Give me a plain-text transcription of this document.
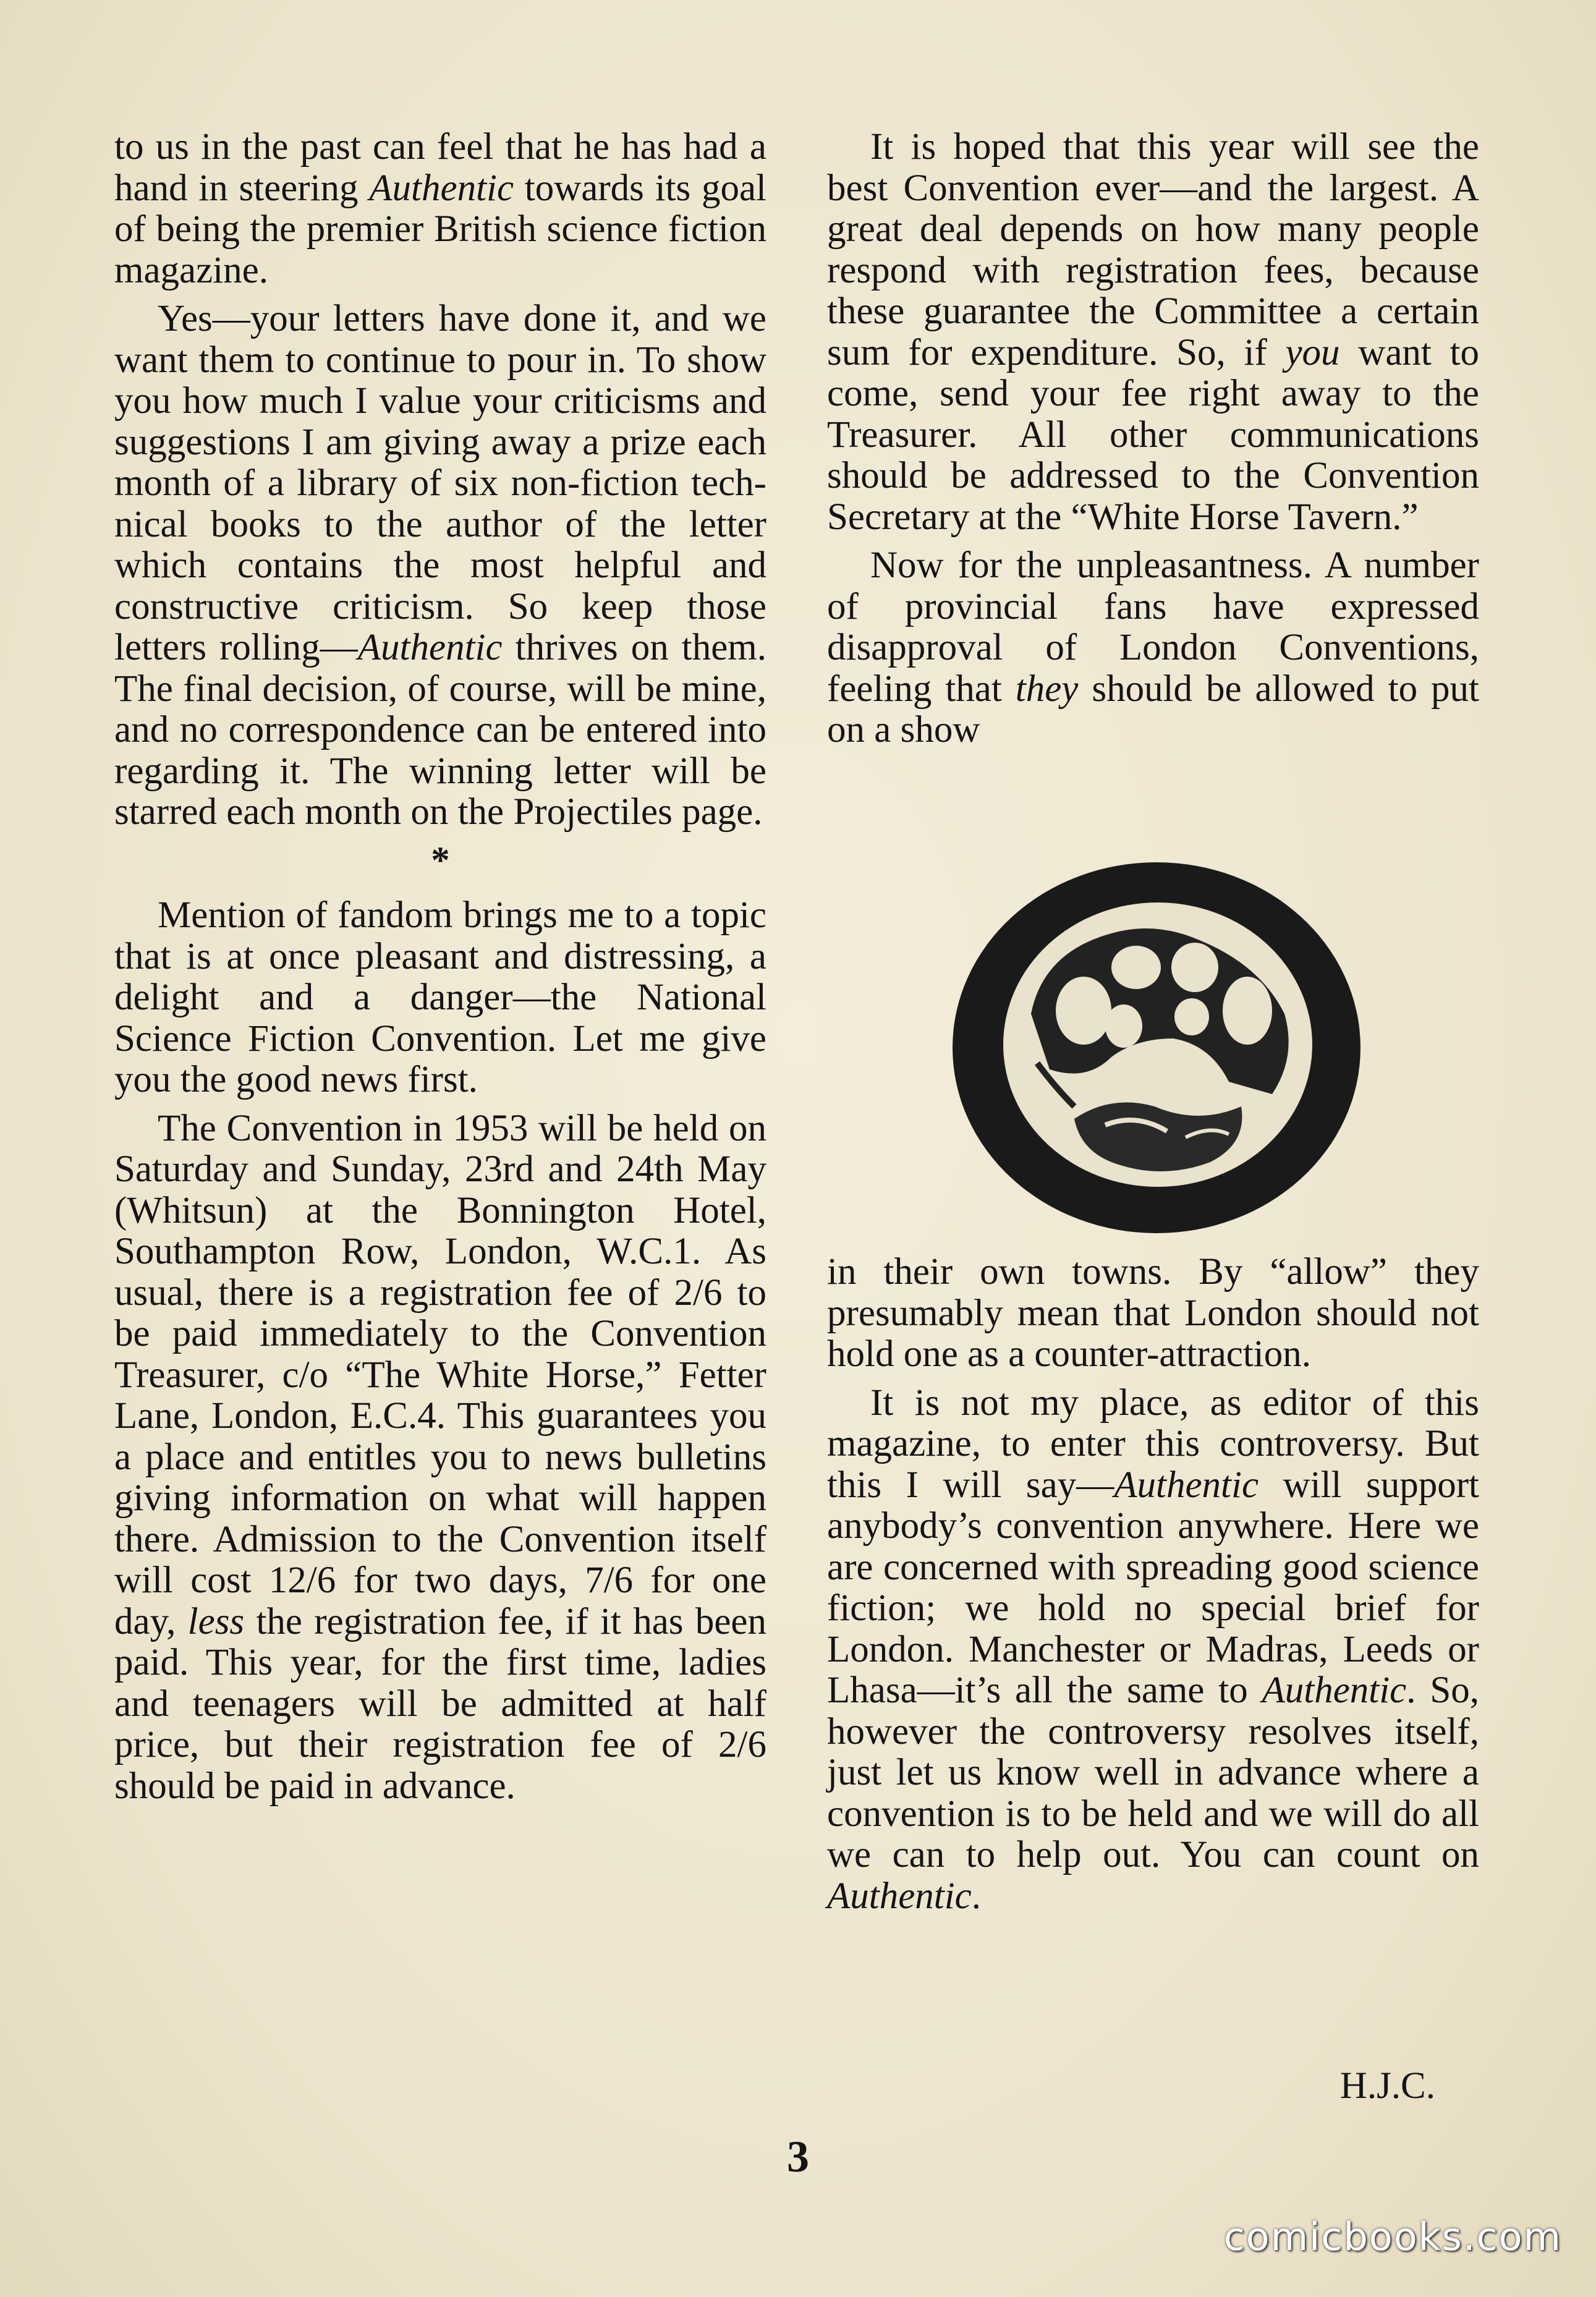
to us in the past can feel that he has had a hand in steering Authentic towards its goal of being the premier British science fiction magazine.

Yes—your letters have done it, and we want them to continue to pour in. To show you how much I value your criticisms and suggestions I am giving away a prize each month of a library of six non-fiction technical books to the author of the letter which contains the most helpful and constructive criticism. So keep those letters rolling—Authentic thrives on them. The final decision, of course, will be mine, and no correspondence can be entered into regarding it. The winning letter will be starred each month on the Projectiles page.

*

Mention of fandom brings me to a topic that is at once pleasant and distressing, a delight and a danger—the National Science Fiction Convention. Let me give you the good news first.

The Convention in 1953 will be held on Saturday and Sunday, 23rd and 24th May (Whitsun) at the Bonnington Hotel, Southampton Row, London, W.C.1. As usual, there is a registration fee of 2/6 to be paid immediately to the Convention Treasurer, c/o “The White Horse,” Fetter Lane, London, E.C.4. This guarantees you a place and entitles you to news bulletins giving information on what will happen there. Admission to the Convention itself will cost 12/6 for two days, 7/6 for one day, less the registration fee, if it has been paid. This year, for the first time, ladies and teenagers will be admitted at half price, but their registration fee of 2/6 should be paid in advance.

It is hoped that this year will see the best Convention ever—and the largest. A great deal depends on how many people respond with registration fees, because these guarantee the Committee a certain sum for expenditure. So, if you want to come, send your fee right away to the Treasurer. All other communications should be addressed to the Convention Secretary at the “White Horse Tavern.”

Now for the unpleasantness. A number of provincial fans have expressed disapproval of London Conventions, feeling that they should be allowed to put on a show

in their own towns. By “allow” they presumably mean that London should not hold one as a counter-attraction.

It is not my place, as editor of this magazine, to enter this controversy. But this I will say—Authentic will support anybody’s convention anywhere. Here we are concerned with spreading good science fiction; we hold no special brief for London. Manchester or Madras, Leeds or Lhasa—it’s all the same to Authentic. So, however the controversy resolves itself, just let us know well in advance where a convention is to be held and we will do all we can to help out. You can count on Authentic.

H.J.C.
3
comicbooks.com
